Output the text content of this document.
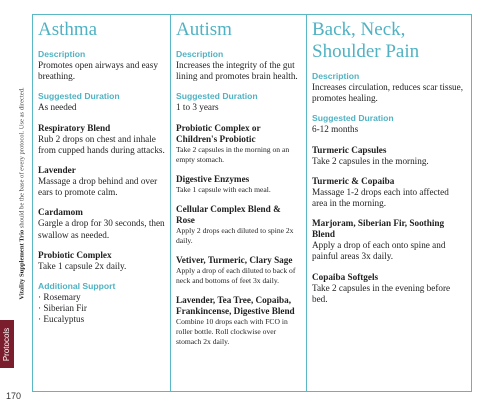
Protocols
Vitality Supplement Trio should be the base of every protocol. Use as directed.
170
Asthma
Description
Promotes open airways and easy breathing.
Suggested Duration
As needed
Respiratory Blend
Rub 2 drops on chest and inhale from cupped hands during attacks.
Lavender
Massage a drop behind and over ears to promote calm.
Cardamom
Gargle a drop for 30 seconds, then swallow as needed.
Probiotic Complex
Take 1 capsule 2x daily.
Additional Support
· Rosemary
· Siberian Fir
· Eucalyptus
Autism
Description
Increases the integrity of the gut lining and promotes brain health.
Suggested Duration
1 to 3 years
Probiotic Complex or Children's Probiotic
Take 2 capsules in the morning on an empty stomach.
Digestive Enzymes
Take 1 capsule with each meal.
Cellular Complex Blend & Rose
Apply 2 drops each diluted to spine 2x daily.
Vetiver, Turmeric, Clary Sage
Apply a drop of each diluted to back of neck and bottoms of feet 3x daily.
Lavender, Tea Tree, Copaiba, Frankincense, Digestive Blend
Combine 10 drops each with FCO in roller bottle. Roll clockwise over stomach 2x daily.
Back, Neck, Shoulder Pain
Description
Increases circulation, reduces scar tissue, promotes healing.
Suggested Duration
6-12 months
Turmeric Capsules
Take 2 capsules in the morning.
Turmeric & Copaiba
Massage 1-2 drops each into affected area in the morning.
Marjoram, Siberian Fir, Soothing Blend
Apply a drop of each onto spine and painful areas 3x daily.
Copaiba Softgels
Take 2 capsules in the evening before bed.
